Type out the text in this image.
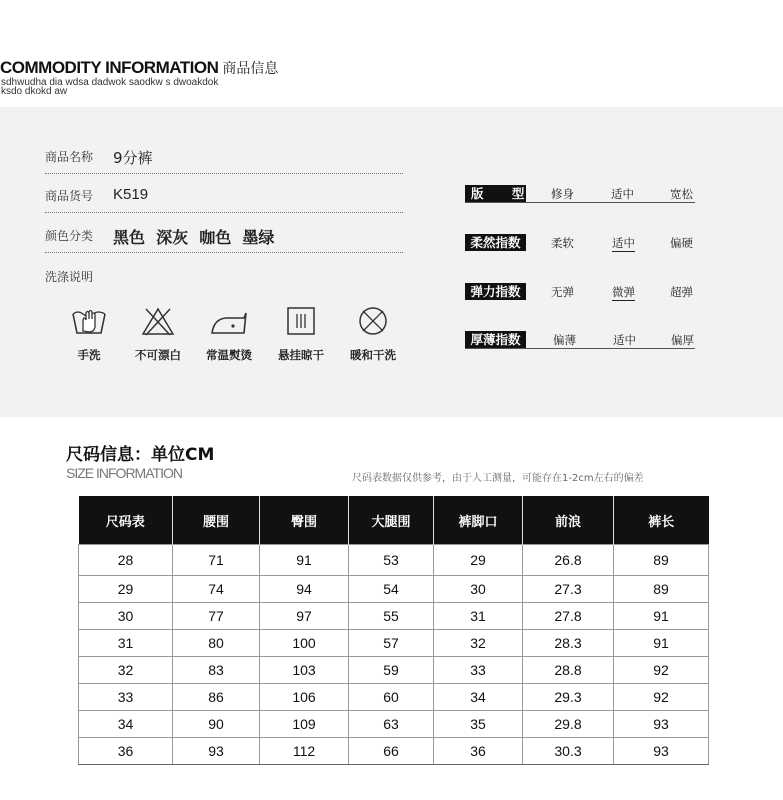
COMMODITY INFORMATION 商品信息
sdhwudha dia wdsa dadwok saodkw s dwoakdok ksdo dkokd aw
商品名称 9分裤
商品货号 K519
颜色分类 黑色  深灰  咖色  墨绿
洗涤说明
手洗	不可漂白	常温熨烫	悬挂晾干	暖和干洗
版 型 修身	适中	宽松
柔然指数	柔软	适中	偏硬
弹力指数	无弹	微弹	超弹
厚薄指数	偏薄	适中	偏厚
尺码信息：单位CM
SIZE INFORMATION	尺码表数据仅供参考，由于人工测量，可能存在1-2cm左右的偏差
尺码表	腰围	臀围	大腿围	裤脚口	前浪	裤长
28	71	91	53	29	26.8	89
29	74	94	54	30	27.3	89
30	77	97	55	31	27.8	91
31	80	100	57	32	28.3	91
32	83	103	59	33	28.8	92
33	86	106	60	34	29.3	92
34	90	109	63	35	29.8	93
36	93	112	66	36	30.3	93
